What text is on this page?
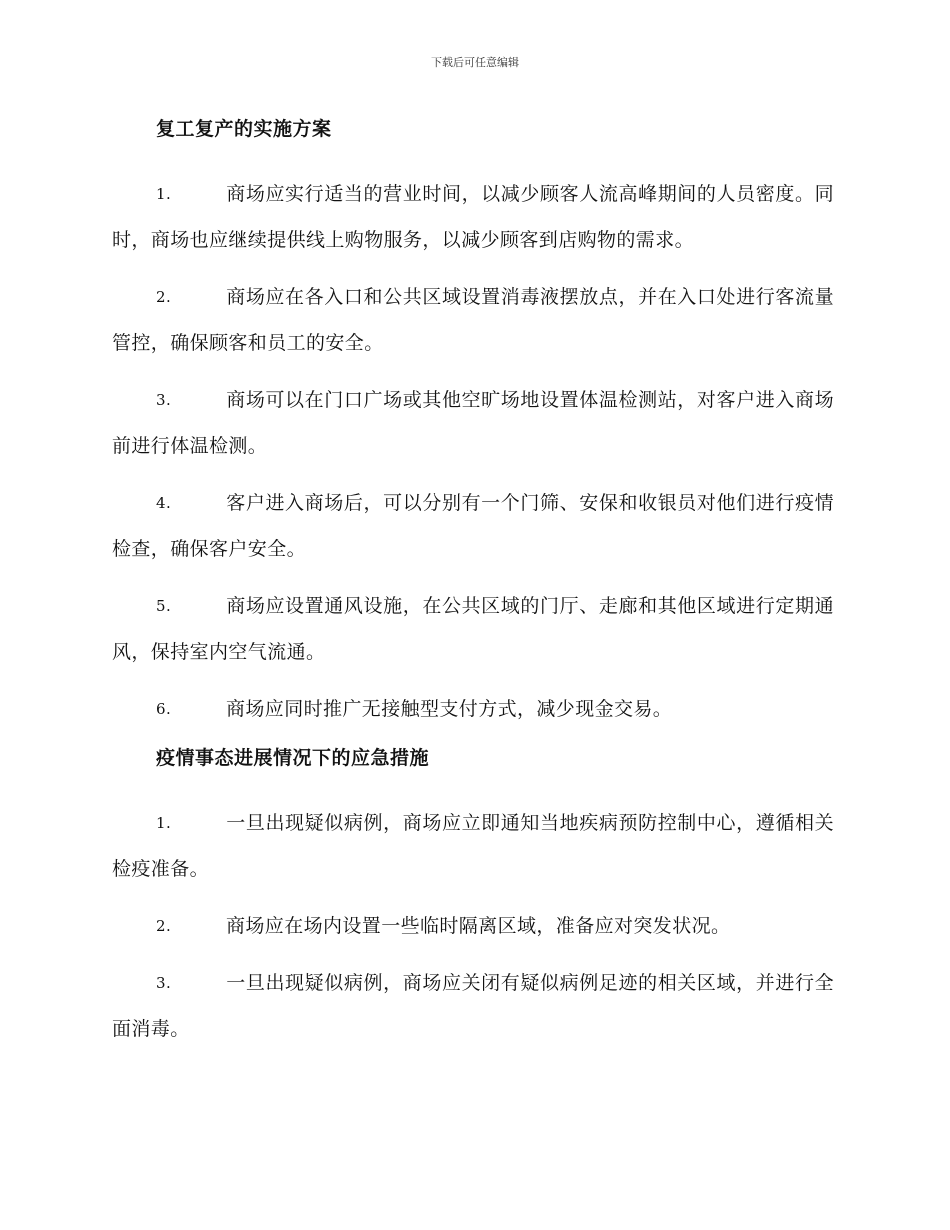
下载后可任意编辑
复工复产的实施方案

1.	商场应实行适当的营业时间，以减少顾客人流高峰期间的人员密度。同时，商场也应继续提供线上购物服务，以减少顾客到店购物的需求。

2.	商场应在各入口和公共区域设置消毒液摆放点，并在入口处进行客流量管控，确保顾客和员工的安全。

3.	商场可以在门口广场或其他空旷场地设置体温检测站，对客户进入商场前进行体温检测。

4.	客户进入商场后，可以分别有一个门筛、安保和收银员对他们进行疫情检查，确保客户安全。

5.	商场应设置通风设施，在公共区域的门厅、走廊和其他区域进行定期通风，保持室内空气流通。

6.	商场应同时推广无接触型支付方式，减少现金交易。

疫情事态进展情况下的应急措施

1.	一旦出现疑似病例，商场应立即通知当地疾病预防控制中心，遵循相关检疫准备。

2.	商场应在场内设置一些临时隔离区域，准备应对突发状况。

3.	一旦出现疑似病例，商场应关闭有疑似病例足迹的相关区域，并进行全面消毒。
